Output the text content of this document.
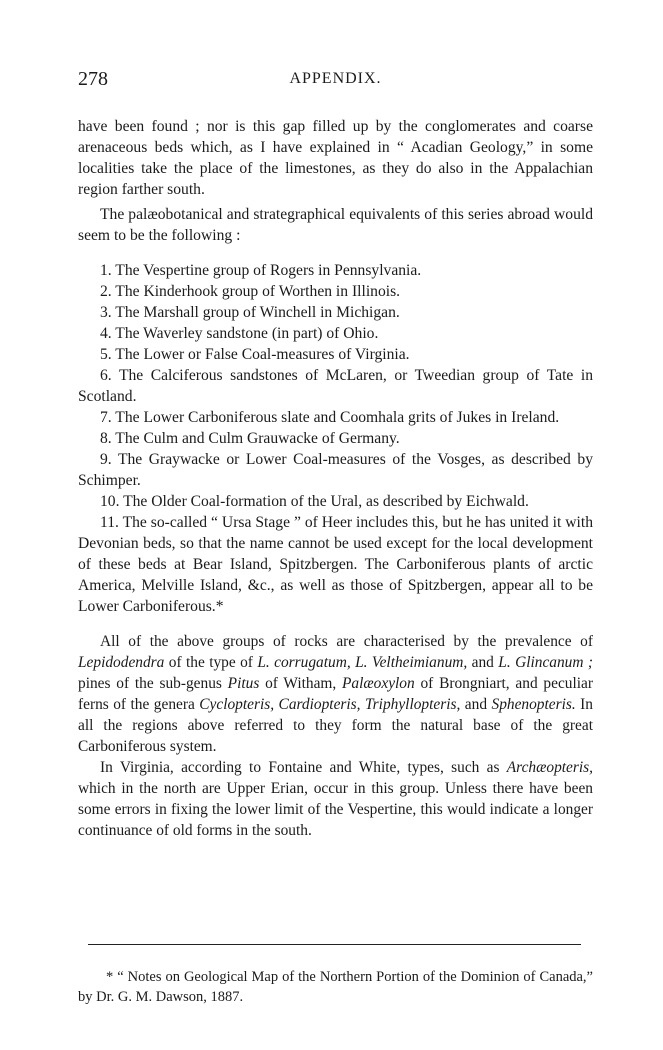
278	APPENDIX.

have been found ; nor is this gap filled up by the conglomerates and coarse arenaceous beds which, as I have explained in “ Acadian Geology,” in some localities take the place of the limestones, as they do also in the Appalachian region farther south.

The palæobotanical and strategraphical equivalents of this series abroad would seem to be the following :

1. The Vespertine group of Rogers in Pennsylvania.

2. The Kinderhook group of Worthen in Illinois.

3. The Marshall group of Winchell in Michigan.

4. The Waverley sandstone (in part) of Ohio.

5. The Lower or False Coal-measures of Virginia.

6. The Calciferous sandstones of McLaren, or Tweedian group of Tate in Scotland.

7. The Lower Carboniferous slate and Coomhala grits of Jukes in Ireland.

8. The Culm and Culm Grauwacke of Germany.

9. The Graywacke or Lower Coal-measures of the Vosges, as described by Schimper.

10. The Older Coal-formation of the Ural, as described by Eichwald.

11. The so-called “ Ursa Stage ” of Heer includes this, but he has united it with Devonian beds, so that the name cannot be used except for the local development of these beds at Bear Island, Spitzbergen. The Carboniferous plants of arctic America, Melville Island, &c., as well as those of Spitzbergen, appear all to be Lower Carboniferous.*

All of the above groups of rocks are characterised by the prevalence of Lepidodendra of the type of L. corrugatum, L. Veltheimianum, and L. Glincanum ; pines of the sub-genus Pitus of Witham, Palæoxylon of Brongniart, and peculiar ferns of the genera Cyclopteris, Cardiopteris, Triphyllopteris, and Sphenopteris. In all the regions above referred to they form the natural base of the great Carboniferous system.

In Virginia, according to Fontaine and White, types, such as Archæopteris, which in the north are Upper Erian, occur in this group. Unless there have been some errors in fixing the lower limit of the Vespertine, this would indicate a longer continuance of old forms in the south.

* “ Notes on Geological Map of the Northern Portion of the Dominion of Canada,” by Dr. G. M. Dawson, 1887.
